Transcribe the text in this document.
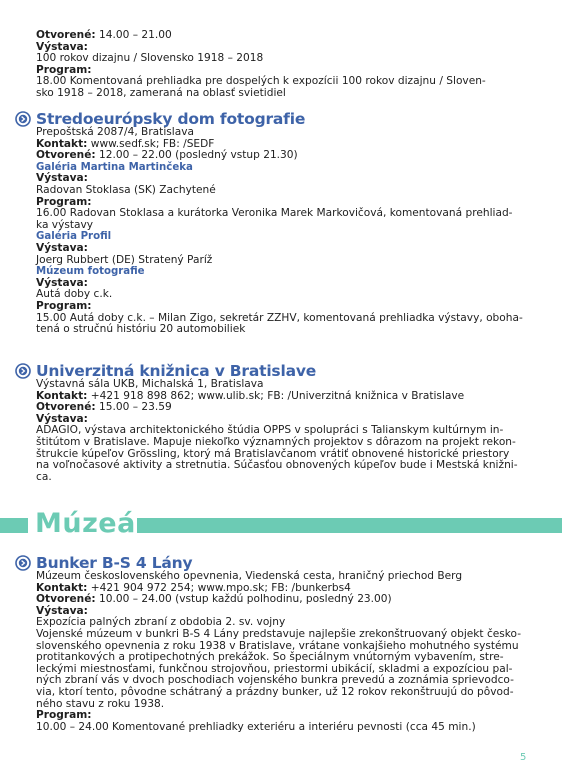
Otvorené: 14.00 – 21.00
Výstava:
100 rokov dizajnu / Slovensko 1918 – 2018
Program:
18.00 Komentovaná prehliadka pre dospelých k expozícii 100 rokov dizajnu / Sloven-
sko 1918 – 2018, zameraná na oblasť svietidiel
Stredoeurópsky dom fotografie
Prepoštská 2087/4, Bratislava
Kontakt: www.sedf.sk; FB: /SEDF
Otvorené: 12.00 – 22.00 (posledný vstup 21.30)
Galéria Martina Martinčeka
Výstava:
Radovan Stoklasa (SK) Zachytené
Program:
16.00 Radovan Stoklasa a kurátorka Veronika Marek Markovičová, komentovaná prehliad-
ka výstavy
Galéria Profil
Výstava:
Joerg Rubbert (DE) Stratený Paríž
Múzeum fotografie
Výstava:
Autá doby c.k.
Program:
15.00 Autá doby c.k. – Milan Zigo, sekretár ZZHV, komentovaná prehliadka výstavy, oboha-
tená o stručnú históriu 20 automobiliek
Univerzitná knižnica v Bratislave
Výstavná sála UKB, Michalská 1, Bratislava
Kontakt: +421 918 898 862; www.ulib.sk; FB: /Univerzitná knižnica v Bratislave
Otvorené: 15.00 – 23.59
Výstava:
ADAGIO, výstava architektonického štúdia OPPS v spolupráci s Talianskym kultúrnym in-
štitútom v Bratislave. Mapuje niekoľko významných projektov s dôrazom na projekt rekon-
štrukcie kúpeľov Grössling, ktorý má Bratislavčanom vrátiť obnovené historické priestory
na voľnočasové aktivity a stretnutia. Súčasťou obnovených kúpeľov bude i Mestská knižni-
ca.
Múzeá
Bunker B-S 4 Lány
Múzeum československého opevnenia, Viedenská cesta, hraničný priechod Berg
Kontakt: +421 904 972 254; www.mpo.sk; FB: /bunkerbs4
Otvorené: 10.00 – 24.00 (vstup každú polhodinu, posledný 23.00)
Výstava:
Expozícia palných zbraní z obdobia 2. sv. vojny
Vojenské múzeum v bunkri B-S 4 Lány predstavuje najlepšie zrekonštruovaný objekt česko-
slovenského opevnenia z roku 1938 v Bratislave, vrátane vonkajšieho mohutného systému
protitankových a protipechotných prekážok. So špeciálnym vnútorným vybavením, stre-
leckými miestnosťami, funkčnou strojovňou, priestormi ubikácií, skladmi a expozíciou pal-
ných zbraní vás v dvoch poschodiach vojenského bunkra prevedú a zoznámia sprievodco-
via, ktorí tento, pôvodne schátraný a prázdny bunker, už 12 rokov rekonštruujú do pôvod-
ného stavu z roku 1938.
Program:
10.00 – 24.00 Komentované prehliadky exteriéru a interiéru pevnosti (cca 45 min.)
5
